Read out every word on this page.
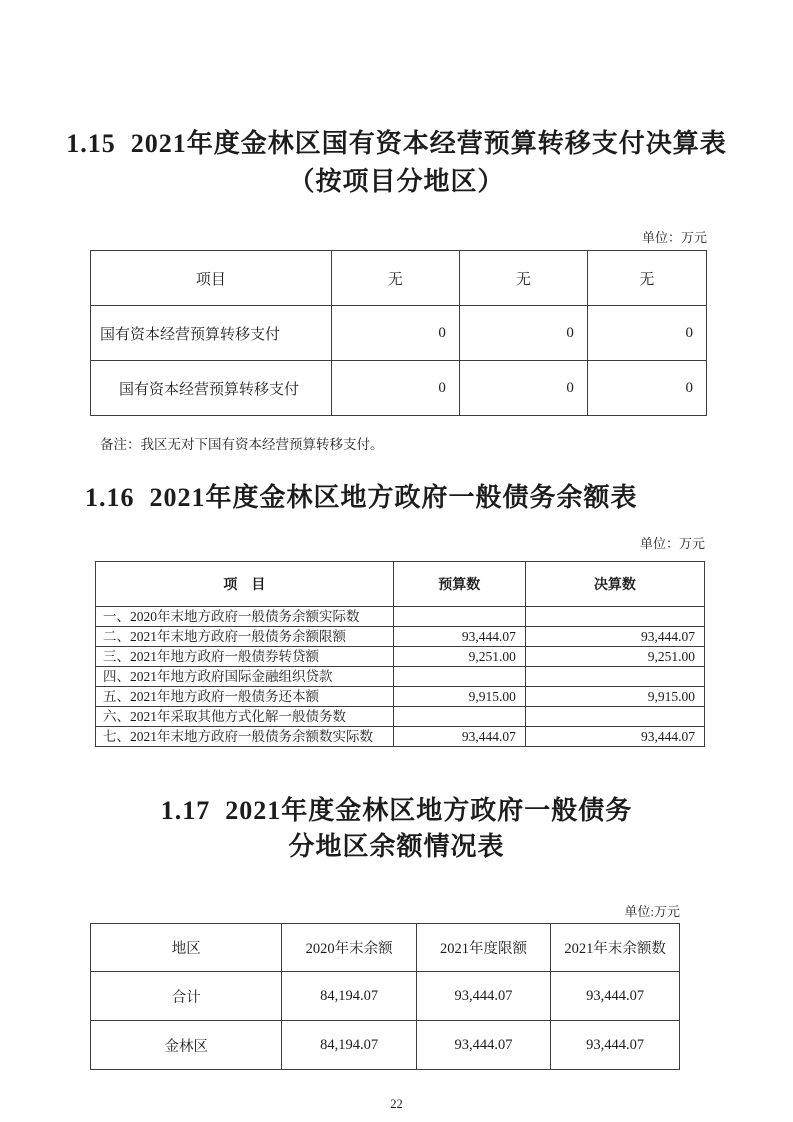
1.15  2021年度金林区国有资本经营预算转移支付决算表
（按项目分地区）
单位：万元
项目	无	无	无
国有资本经营预算转移支付	0	0	0
国有资本经营预算转移支付	0	0	0

备注：我区无对下国有资本经营预算转移支付。

1.16  2021年度金林区地方政府一般债务余额表
单位：万元
项　目	预算数	决算数
一、2020年末地方政府一般债务余额实际数		
二、2021年末地方政府一般债务余额限额	93,444.07	93,444.07
三、2021年地方政府一般债券转贷额	9,251.00	9,251.00
四、2021年地方政府国际金融组织贷款		
五、2021年地方政府一般债务还本额	9,915.00	9,915.00
六、2021年采取其他方式化解一般债务数		
七、2021年末地方政府一般债务余额数实际数	93,444.07	93,444.07
1.17  2021年度金林区地方政府一般债务
分地区余额情况表
单位:万元
地区	2020年末余额	2021年度限额	2021年末余额数
合计	84,194.07	93,444.07	93,444.07
金林区	84,194.07	93,444.07	93,444.07
22
